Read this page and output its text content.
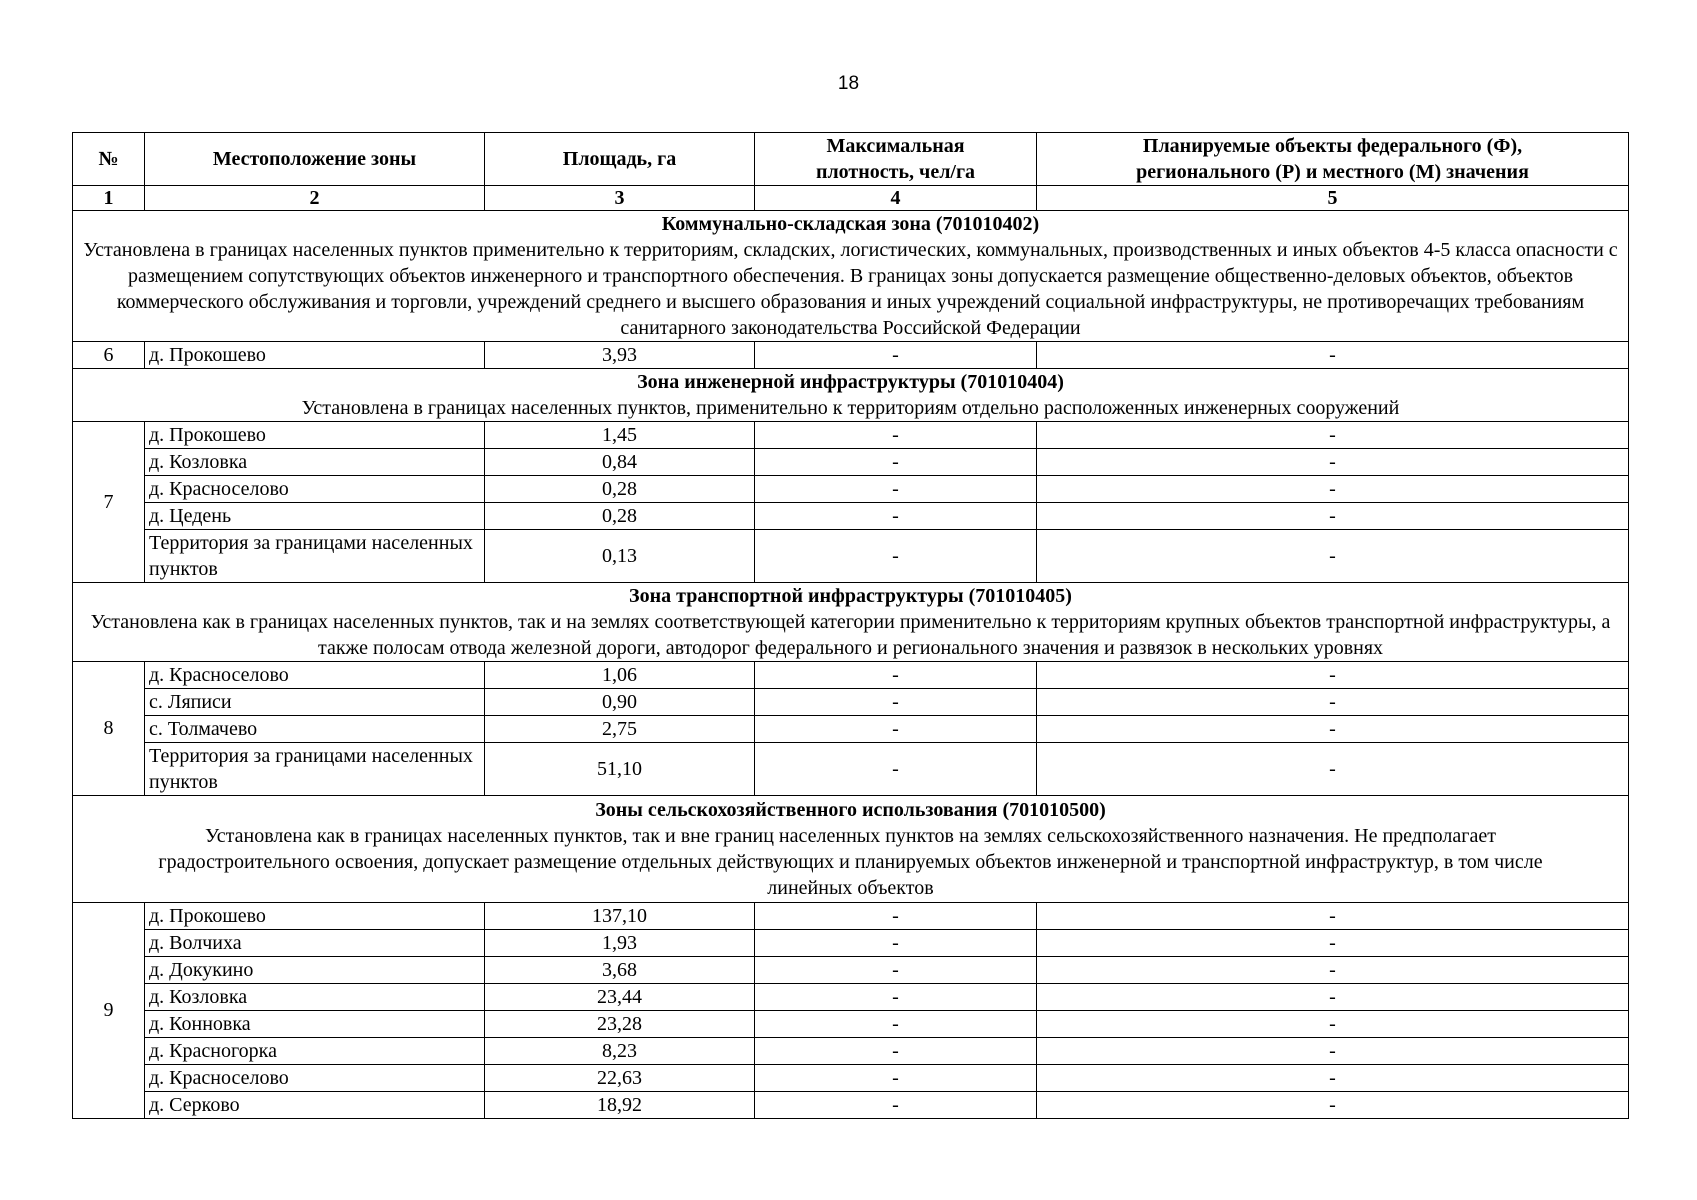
18
№	Местоположение зоны	Площадь, га	Максимальная плотность, чел/га	Планируемые объекты федерального (Ф), регионального (Р) и местного (М) значения
1	2	3	4	5

Коммунально-складская зона (701010402)
Установлена в границах населенных пунктов применительно к территориям, складских, логистических, коммунальных, производственных и иных объектов 4-5 класса опасности с размещением сопутствующих объектов инженерного и транспортного обеспечения. В границах зоны допускается размещение общественно-деловых объектов, объектов коммерческого обслуживания и торговли, учреждений среднего и высшего образования и иных учреждений социальной инфраструктуры, не противоречащих требованиям санитарного законодательства Российской Федерации				

6	д. Прокошево	3,93	-	-

Зона инженерной инфраструктуры (701010404)
Установлена в границах населенных пунктов, применительно к территориям отдельно расположенных инженерных сооружений				

7	д. Прокошево	1,45	-	-
	д. Козловка	0,84	-	-
	д. Красноселово	0,28	-	-
	д. Цедень	0,28	-	-
	Территория за границами населенных пунктов	0,13	-	-

Зона транспортной инфраструктуры (701010405)
Установлена как в границах населенных пунктов, так и на землях соответствующей категории применительно к территориям крупных объектов транспортной инфраструктуры, а также полосам отвода железной дороги, автодорог федерального и регионального значения и развязок в нескольких уровнях				

8	д. Красноселово	1,06	-	-
	с. Ляписи	0,90	-	-
	с. Толмачево	2,75	-	-
	Территория за границами населенных пунктов	51,10	-	-

Зоны сельскохозяйственного использования (701010500)
Установлена как в границах населенных пунктов, так и вне границ населенных пунктов на землях сельскохозяйственного назначения. Не предполагает градостроительного освоения, допускает размещение отдельных действующих и планируемых объектов инженерной и транспортной инфраструктур, в том числе линейных объектов				

9	д. Прокошево	137,10	-	-
	д. Волчиха	1,93	-	-
	д. Докукино	3,68	-	-
	д. Козловка	23,44	-	-
	д. Конновка	23,28	-	-
	д. Красногорка	8,23	-	-
	д. Красноселово	22,63	-	-
	д. Серково	18,92	-	-
